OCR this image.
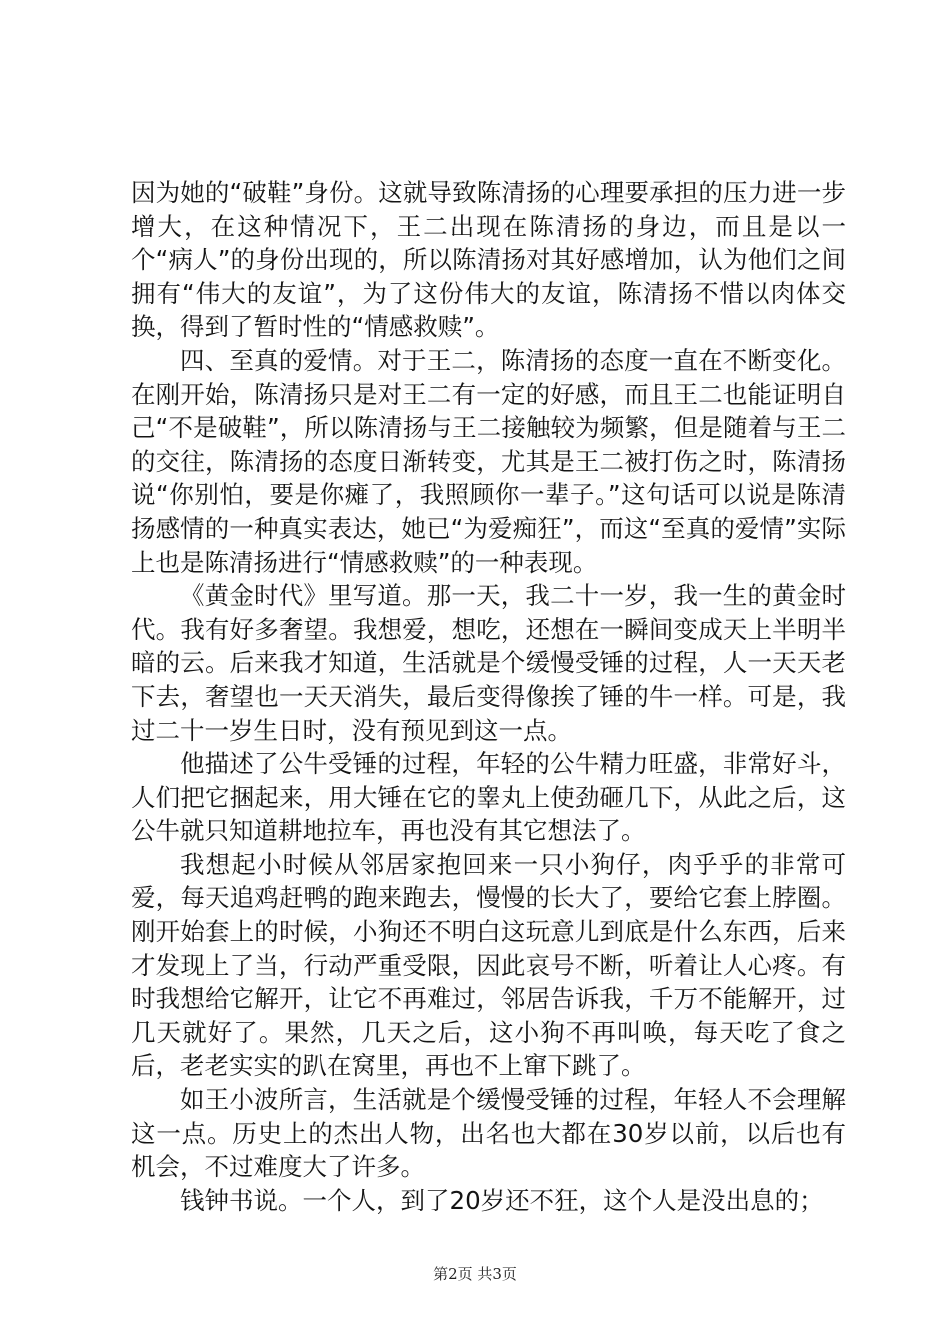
因为她的“破鞋”身份。这就导致陈清扬的心理要承担的压力进一步增大，在这种情况下，王二出现在陈清扬的身边，而且是以一个“病人”的身份出现的，所以陈清扬对其好感增加，认为他们之间拥有“伟大的友谊”，为了这份伟大的友谊，陈清扬不惜以肉体交换，得到了暂时性的“情感救赎”。

四、至真的爱情。对于王二，陈清扬的态度一直在不断变化。在刚开始，陈清扬只是对王二有一定的好感，而且王二也能证明自己“不是破鞋”，所以陈清扬与王二接触较为频繁，但是随着与王二的交往，陈清扬的态度日渐转变，尤其是王二被打伤之时，陈清扬说“你别怕，要是你瘫了，我照顾你一辈子。”这句话可以说是陈清扬感情的一种真实表达，她已“为爱痴狂”，而这“至真的爱情”实际上也是陈清扬进行“情感救赎”的一种表现。

《黄金时代》里写道。那一天，我二十一岁，我一生的黄金时代。我有好多奢望。我想爱，想吃，还想在一瞬间变成天上半明半暗的云。后来我才知道，生活就是个缓慢受锤的过程，人一天天老下去，奢望也一天天消失，最后变得像挨了锤的牛一样。可是，我过二十一岁生日时，没有预见到这一点。

他描述了公牛受锤的过程，年轻的公牛精力旺盛，非常好斗，人们把它捆起来，用大锤在它的睾丸上使劲砸几下，从此之后，这公牛就只知道耕地拉车，再也没有其它想法了。

我想起小时候从邻居家抱回来一只小狗仔，肉乎乎的非常可爱，每天追鸡赶鸭的跑来跑去，慢慢的长大了，要给它套上脖圈。刚开始套上的时候，小狗还不明白这玩意儿到底是什么东西，后来才发现上了当，行动严重受限，因此哀号不断，听着让人心疼。有时我想给它解开，让它不再难过，邻居告诉我，千万不能解开，过几天就好了。果然，几天之后，这小狗不再叫唤，每天吃了食之后，老老实实的趴在窝里，再也不上窜下跳了。

如王小波所言，生活就是个缓慢受锤的过程，年轻人不会理解这一点。历史上的杰出人物，出名也大都在30岁以前，以后也有机会，不过难度大了许多。

钱钟书说。一个人，到了20岁还不狂，这个人是没出息的；

第2页 共3页
